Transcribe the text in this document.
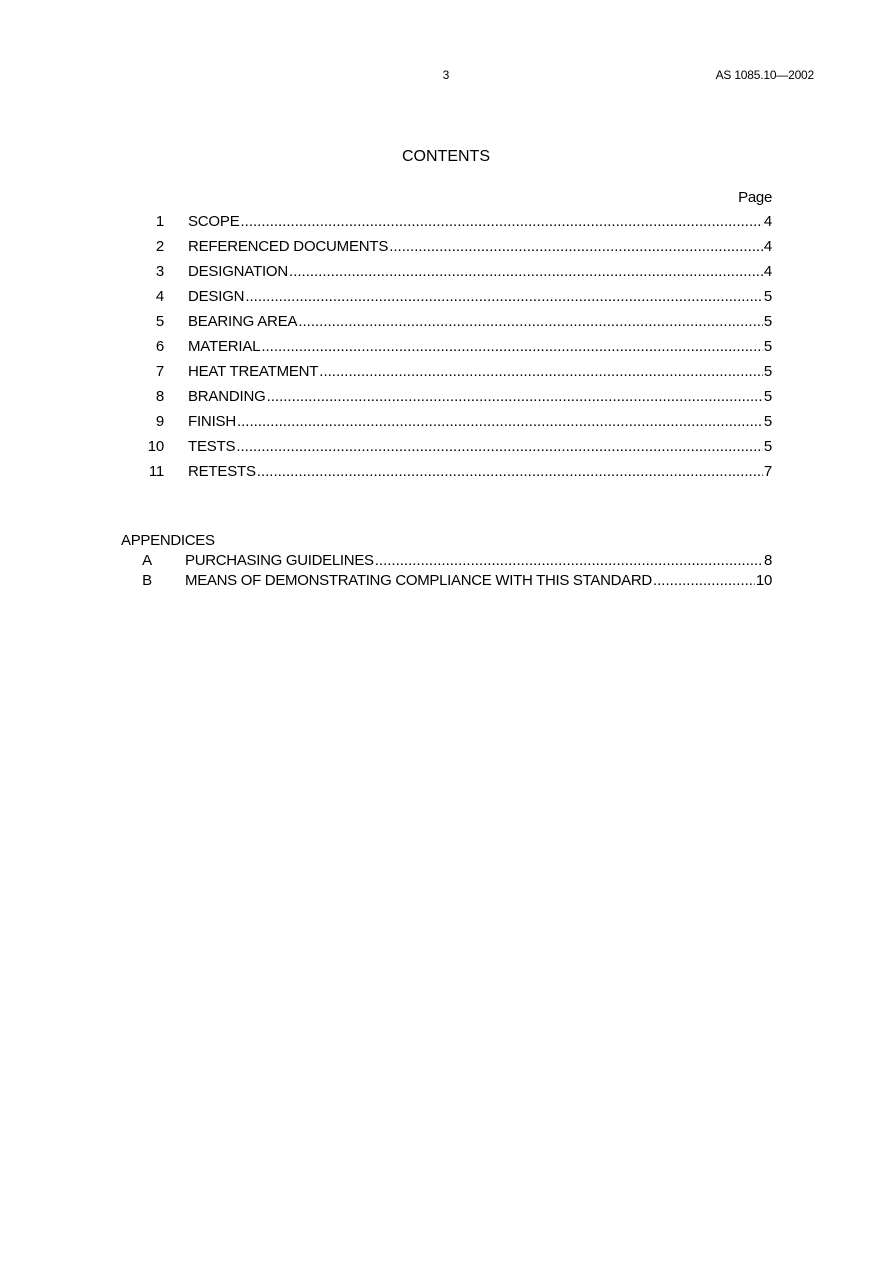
3	AS 1085.10—2002
CONTENTS
Page
1 SCOPE .....	4
2 REFERENCED DOCUMENTS .....	4
3 DESIGNATION .....	4
4 DESIGN .....	5
5 BEARING AREA .....	5
6 MATERIAL .....	5
7 HEAT TREATMENT .....	5
8 BRANDING .....	5
9 FINISH .....	5
10 TESTS .....	5
11 RETESTS .....	7
APPENDICES
A PURCHASING GUIDELINES .....	8
B MEANS OF DEMONSTRATING COMPLIANCE WITH THIS STANDARD .....	10
